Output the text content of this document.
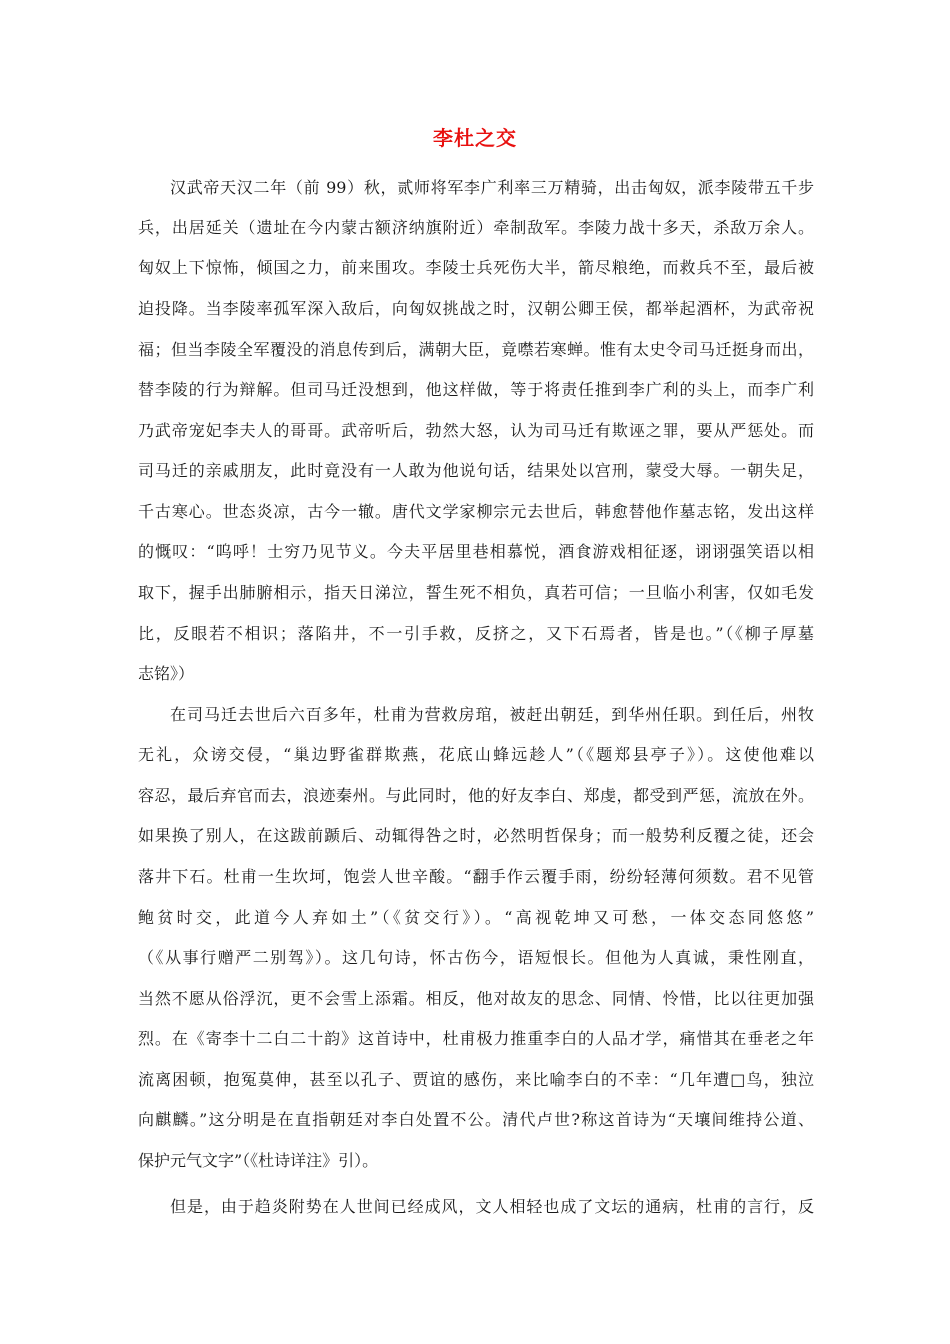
李杜之交
汉武帝天汉二年（前 99）秋，贰师将军李广利率三万精骑，出击匈奴，派李陵带五千步
兵，出居延关（遗址在今内蒙古额济纳旗附近）牵制敌军。李陵力战十多天，杀敌万余人。
匈奴上下惊怖，倾国之力，前来围攻。李陵士兵死伤大半，箭尽粮绝，而救兵不至，最后被
迫投降。当李陵率孤军深入敌后，向匈奴挑战之时，汉朝公卿王侯，都举起酒杯，为武帝祝
福；但当李陵全军覆没的消息传到后，满朝大臣，竟噤若寒蝉。惟有太史令司马迁挺身而出，
替李陵的行为辩解。但司马迁没想到，他这样做，等于将责任推到李广利的头上，而李广利
乃武帝宠妃李夫人的哥哥。武帝听后，勃然大怒，认为司马迁有欺诬之罪，要从严惩处。而
司马迁的亲戚朋友，此时竟没有一人敢为他说句话，结果处以宫刑，蒙受大辱。一朝失足，
千古寒心。世态炎凉，古今一辙。唐代文学家柳宗元去世后，韩愈替他作墓志铭，发出这样
的慨叹：“呜呼！士穷乃见节义。今夫平居里巷相慕悦，酒食游戏相征逐，诩诩强笑语以相
取下，握手出肺腑相示，指天日涕泣，誓生死不相负，真若可信；一旦临小利害，仅如毛发
比，反眼若不相识；落陷井，不一引手救，反挤之，又下石焉者，皆是也。”（《柳子厚墓
志铭》）
在司马迁去世后六百多年，杜甫为营救房琯，被赶出朝廷，到华州任职。到任后，州牧
无礼，众谤交侵，“巢边野雀群欺燕，花底山蜂远趁人”（《题郑县亭子》）。这使他难以
容忍，最后弃官而去，浪迹秦州。与此同时，他的好友李白、郑虔，都受到严惩，流放在外。
如果换了别人，在这跋前踬后、动辄得咎之时，必然明哲保身；而一般势利反覆之徒，还会
落井下石。杜甫一生坎坷，饱尝人世辛酸。“翻手作云覆手雨，纷纷轻薄何须数。君不见管
鲍贫时交，此道今人弃如土”（《贫交行》）。“高视乾坤又可愁，一体交态同悠悠”
（《从事行赠严二别驾》）。这几句诗，怀古伤今，语短恨长。但他为人真诚，秉性刚直，
当然不愿从俗浮沉，更不会雪上添霜。相反，他对故友的思念、同情、怜惜，比以往更加强
烈。在《寄李十二白二十韵》这首诗中，杜甫极力推重李白的人品才学，痛惜其在垂老之年
流离困顿，抱冤莫伸，甚至以孔子、贾谊的感伤，来比喻李白的不幸：“几年遭□鸟，独泣
向麒麟。”这分明是在直指朝廷对李白处置不公。清代卢世?称这首诗为“天壤间维持公道、
保护元气文字”（《杜诗详注》引）。
但是，由于趋炎附势在人世间已经成风，文人相轻也成了文坛的通病，杜甫的言行，反
